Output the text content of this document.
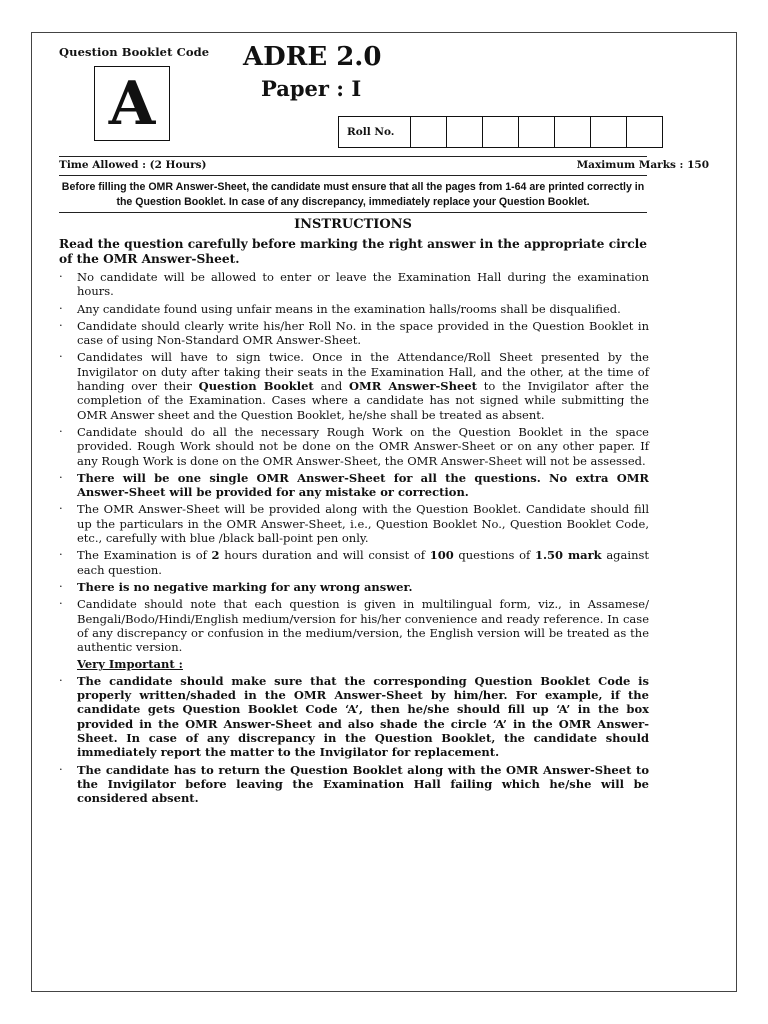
Question Booklet Code
A
ADRE 2.0
Paper : I
Roll No.							
Time Allowed : (2 Hours)	Maximum Marks : 150
Before filling the OMR Answer-Sheet, the candidate must ensure that all the pages from 1-64 are printed correctly in the Question Booklet. In case of any discrepancy, immediately replace your Question Booklet.
INSTRUCTIONS
Read the question carefully before marking the right answer in the appropriate circle of the OMR Answer-Sheet.
· No candidate will be allowed to enter or leave the Examination Hall during the examination hours.
· Any candidate found using unfair means in the examination halls/rooms shall be disqualified.
· Candidate should clearly write his/her Roll No. in the space provided in the Question Booklet in case of using Non-Standard OMR Answer-Sheet.
· Candidates will have to sign twice. Once in the Attendance/Roll Sheet presented by the Invigilator on duty after taking their seats in the Examination Hall, and the other, at the time of handing over their Question Booklet and OMR Answer-Sheet to the Invigilator after the completion of the Examination. Cases where a candidate has not signed while submitting the OMR Answer sheet and the Question Booklet, he/she shall be treated as absent.
· Candidate should do all the necessary Rough Work on the Question Booklet in the space provided. Rough Work should not be done on the OMR Answer-Sheet or on any other paper. If any Rough Work is done on the OMR Answer-Sheet, the OMR Answer-Sheet will not be assessed.
· There will be one single OMR Answer-Sheet for all the questions. No extra OMR Answer-Sheet will be provided for any mistake or correction.
· The OMR Answer-Sheet will be provided along with the Question Booklet. Candidate should fill up the particulars in the OMR Answer-Sheet, i.e., Question Booklet No., Question Booklet Code, etc., carefully with blue /black ball-point pen only.
· The Examination is of 2 hours duration and will consist of 100 questions of 1.50 mark against each question.
· There is no negative marking for any wrong answer.
· Candidate should note that each question is given in multilingual form, viz., in Assamese/ Bengali/Bodo/Hindi/English medium/version for his/her convenience and ready reference. In case of any discrepancy or confusion in the medium/version, the English version will be treated as the authentic version.
Very Important :
· The candidate should make sure that the corresponding Question Booklet Code is properly written/shaded in the OMR Answer-Sheet by him/her. For example, if the candidate gets Question Booklet Code ‘A’, then he/she should fill up ‘A’ in the box provided in the OMR Answer-Sheet and also shade the circle ‘A’ in the OMR Answer-Sheet. In case of any discrepancy in the Question Booklet, the candidate should immediately report the matter to the Invigilator for replacement.
· The candidate has to return the Question Booklet along with the OMR Answer-Sheet to the Invigilator before leaving the Examination Hall failing which he/she will be considered absent.
